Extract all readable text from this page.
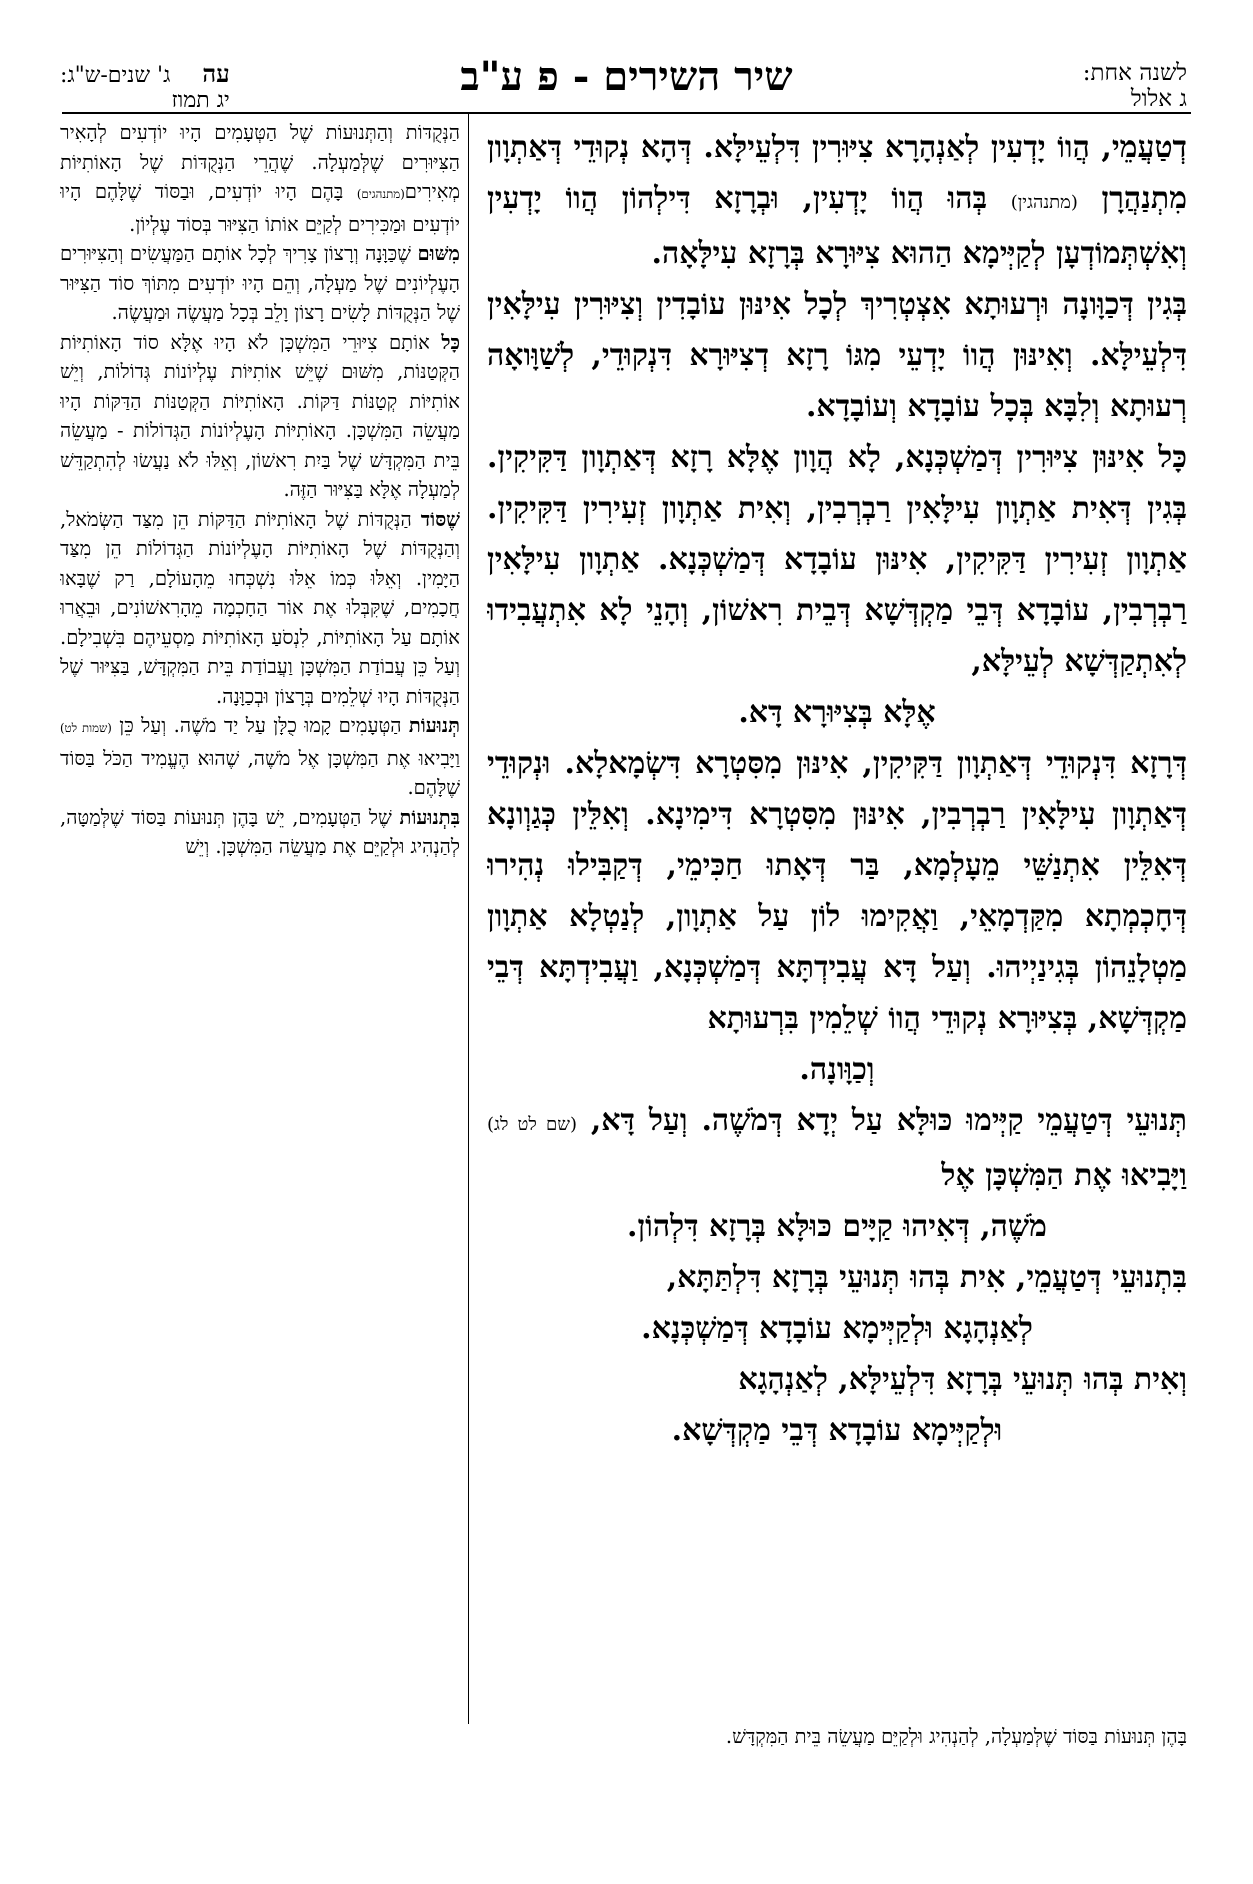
לשנה אחת:
ג אלול
שיר השירים - פ ע"ב
עהג' שנים-ש"ג:
יג תמוז

דְטַעֲמֵי, הֲווֹ יָדְעִין לְאַנְהָרָא צִיּוּרִין דִּלְעֵילָּא. דְּהָא נְקוּדֵי דְּאַתְוָון מִתְנַהֲרָן (מתנהגין) בְּהוּ הֲווֹ יָדְעִין, וּבְרָזָא דִּילְהוֹן הֲווֹ יָדְעִין וְאִשְׁתְּמוֹדְעָן לְקַיְּימָא הַהוּא צִיּוּרָא בְּרָזָא עִילָּאָה.

בְּגִין דְּכַוָּונָה וּרְעוּתָא אִצְטְרִיךְ לְכָל אִינּוּן עוֹבָדִין וְצִיּוּרִין עִילָּאִין דִּלְעֵילָּא. וְאִינּוּן הֲווֹ יָדְעֵי מִגּוֹ רָזָא דְצִיּוּרָא דִּנְקוּדֵי, לְשַׁוָּואָה רְעוּתָא וְלִבָּא בְּכָל עוֹבָדָא וְעוֹבָדָא.

כָּל אִינּוּן צִיּוּרִין דְּמַשְׁכְּנָא, לָא הֲוָון אֶלָּא רָזָא דְּאַתְוָון דַּקִּיקִין. בְּגִין דְּאִית אַתְוָון עִילָּאִין רַבְרְבִין, וְאִית אַתְוָון זְעִירִין דַּקִּיקִין. אַתְוָון זְעִירִין דַּקִּיקִין, אִינּוּן עוֹבָדָא דְּמַשְׁכְּנָא. אַתְוָון עִילָּאִין רַבְרְבִין, עוֹבָדָא דְּבֵי מַקְדְּשָׁא דְּבֵית רִאשׁוֹן, וְהָנֵי לָא אִתְעֲבִידוּ לְאִתְקַדְּשָׁא לְעֵילָּא,

אֶלָּא בְּצִיּוּרָא דָּא.

דְּרָזָא דִּנְקוּדֵי דְּאַתְוָון דַּקִּיקִין, אִינּוּן מִסִּטְרָא דִּשְׂמָאלָא. וּנְקוּדֵי דְּאַתְוָון עִילָּאִין רַבְרְבִין, אִינּוּן מִסִּטְרָא דִּימִינָא. וְאִלֵּין כְּגַוְונָא דְּאִלֵּין אִתְנַשֵּׁי מֵעָלְמָא, בַּר דְּאָתוּ חַכִּימֵי, דְּקַבִּילוּ נְהִירוּ דְּחָכְמְתָא מִקַּדְמָאֵי, וַאֲקִימוּ לוֹן עַל אַתְוָון, לְנַטְלָא אַתְוָון מַטְלָנֵהוֹן בְּגִינַיְיהוּ. וְעַל דָּא עֲבִידְתָּא דְּמַשְׁכְּנָא, וַעֲבִידְתָּא דְּבֵי מַקְדְּשָׁא, בְּצִיּוּרָא נְקוּדֵי הֲווֹ שְׁלֵמִין בִּרְעוּתָא

וְכַוָּונָה.

תְּנוּעֵי דְּטַעֲמֵי קַיְּימוּ כּוּלָּא עַל יְדָא דְּמֹשֶׁה. וְעַל דָּא, (שם לט לג) וַיָּבִיאוּ אֶת הַמִּשְׁכָּן אֶל

מֹשֶׁה, דְּאִיהוּ קַיָּים כּוּלָּא בְּרָזָא דִּלְהוֹן.

בִּתְנוּעֵי דְּטַעֲמֵי, אִית בְּהוּ תְּנוּעֵי בְּרָזָא דִּלְתַּתָּא,

לְאַנְהָגָא וּלְקַיְּימָא עוֹבָדָא דְּמַשְׁכְּנָא.

וְאִית בְּהוּ תְּנוּעֵי בְּרָזָא דִּלְעֵילָּא, לְאַנְהָגָא

וּלְקַיְּימָא עוֹבָדָא דְּבֵי מַקְדְּשָׁא.

הַנְּקֻדּוֹת וְהַתְּנוּעוֹת שֶׁל הַטְּעָמִים הָיוּ יוֹדְעִים לְהָאִיר הַצִּיּוּרִים שֶׁלְּמַעְלָה. שֶׁהֲרֵי הַנְּקֻדּוֹת שֶׁל הָאוֹתִיּוֹת מְאִירִים(מתנהגים) בָּהֶם הָיוּ יוֹדְעִים, וּבַסּוֹד שֶׁלָּהֶם הָיוּ יוֹדְעִים וּמַכִּירִים לְקַיֵּם אוֹתוֹ הַצִּיּוּר בְּסוֹד עֶלְיוֹן.

מִשּׁוּם שֶׁכַּוָּנָה וְרָצוֹן צָרִיךְ לְכָל אוֹתָם הַמַּעֲשִׂים וְהַצִּיּוּרִים הָעֶלְיוֹנִים שֶׁל מַעְלָה, וְהֵם הָיוּ יוֹדְעִים מִתּוֹךְ סוֹד הַצִּיּוּר שֶׁל הַנְּקֻדּוֹת לָשִׂים רָצוֹן וָלֵב בְּכָל מַעֲשֶׂה וּמַעֲשֶׂה.

כָּל אוֹתָם צִיּוּרֵי הַמִּשְׁכָּן לֹא הָיוּ אֶלָּא סוֹד הָאוֹתִיּוֹת הַקְּטַנּוֹת, מִשּׁוּם שֶׁיֵּשׁ אוֹתִיּוֹת עֶלְיוֹנוֹת גְּדוֹלוֹת, וְיֵשׁ אוֹתִיּוֹת קְטַנּוֹת דַּקּוֹת. הָאוֹתִיּוֹת הַקְּטַנּוֹת הַדַּקּוֹת הָיוּ מַעֲשֵׂה הַמִּשְׁכָּן. הָאוֹתִיּוֹת הָעֶלְיוֹנוֹת הַגְּדוֹלוֹת - מַעֲשֵׂה בֵּית הַמִּקְדָּשׁ שֶׁל בַּיִת רִאשׁוֹן, וְאֵלּוּ לֹא נַעֲשׂוּ לְהִתְקַדֵּשׁ לְמַעְלָה אֶלָּא בַּצִּיּוּר הַזֶּה.

שֶׁסּוֹד הַנְּקֻדּוֹת שֶׁל הָאוֹתִיּוֹת הַדַּקּוֹת הֵן מִצַּד הַשְּׂמֹאל, וְהַנְּקֻדּוֹת שֶׁל הָאוֹתִיּוֹת הָעֶלְיוֹנוֹת הַגְּדוֹלוֹת הֵן מִצַּד הַיָּמִין. וְאֵלּוּ כְּמוֹ אֵלּוּ נִשְׁכְּחוּ מֵהָעוֹלָם, רַק שֶׁבָּאוּ חֲכָמִים, שֶׁקִּבְּלוּ אֶת אוֹר הַחָכְמָה מֵהָרִאשׁוֹנִים, וּבֵאֲרוּ אוֹתָם עַל הָאוֹתִיּוֹת, לִנְסֹעַ הָאוֹתִיּוֹת מַסְעֵיהֶם בִּשְׁבִילָם. וְעַל כֵּן עֲבוֹדַת הַמִּשְׁכָּן וַעֲבוֹדַת בֵּית הַמִּקְדָּשׁ, בַּצִּיּוּר שֶׁל הַנְּקֻדּוֹת הָיוּ שְׁלֵמִים בְּרָצוֹן וּבְכַוָּנָה.

תְּנוּעוֹת הַטְּעָמִים קָמוּ כֻלָּן עַל יַד מֹשֶׁה. וְעַל כֵּן (שמות לט) וַיָּבִיאוּ אֶת הַמִּשְׁכָּן אֶל מֹשֶׁה, שֶׁהוּא הֶעֱמִיד הַכֹּל בַּסּוֹד שֶׁלָּהֶם.

בִּתְנוּעוֹת שֶׁל הַטְּעָמִים, יֵשׁ בָּהֶן תְּנוּעוֹת בַּסּוֹד שֶׁלְּמַטָּה, לְהַנְהִיג וּלְקַיֵּם אֶת מַעֲשֵׂה הַמִּשְׁכָּן. וְיֵשׁ

בָּהֶן תְּנוּעוֹת בַּסּוֹד שֶׁלְּמַעְלָה, לְהַנְהִיג וּלְקַיֵּם מַעֲשֵׂה בֵּית הַמִּקְדָּשׁ.
